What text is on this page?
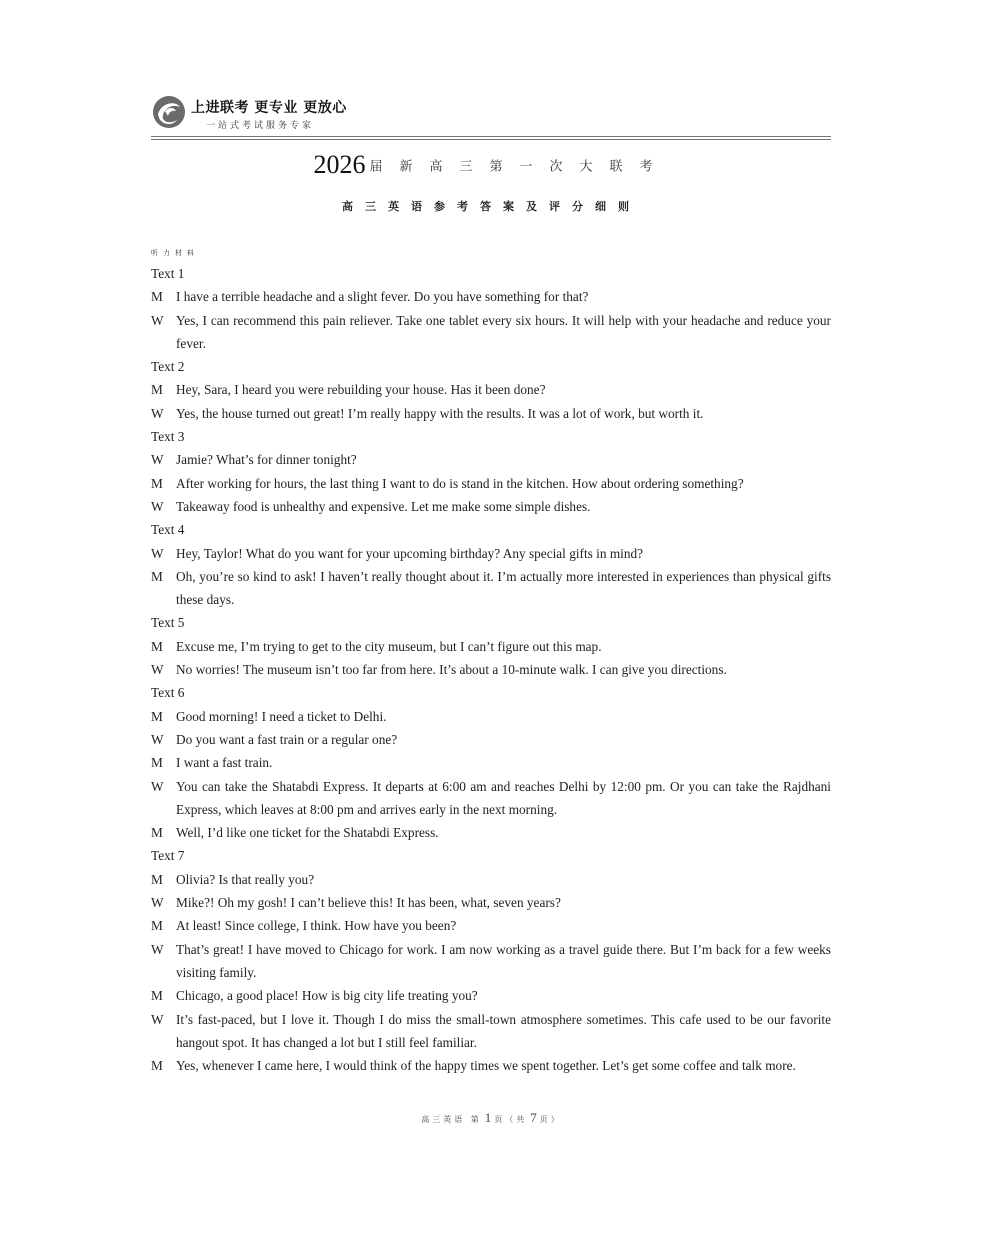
上进联考 更专业 更放心
一站式考试服务专家
2026 届新高三第一次大联考
高三英语参考答案及评分细则
听力材料

Text 1

M I have a terrible headache and a slight fever. Do you have something for that?

W Yes, I can recommend this pain reliever. Take one tablet every six hours. It will help with your headache and reduce your fever.

Text 2

M Hey, Sara, I heard you were rebuilding your house. Has it been done?

W Yes, the house turned out great! I’m really happy with the results. It was a lot of work, but worth it.

Text 3

W Jamie? What’s for dinner tonight?

M After working for hours, the last thing I want to do is stand in the kitchen. How about ordering something?

W Takeaway food is unhealthy and expensive. Let me make some simple dishes.

Text 4

W Hey, Taylor! What do you want for your upcoming birthday? Any special gifts in mind?

M Oh, you’re so kind to ask! I haven’t really thought about it. I’m actually more interested in experiences than physical gifts these days.

Text 5

M Excuse me, I’m trying to get to the city museum, but I can’t figure out this map.

W No worries! The museum isn’t too far from here. It’s about a 10-minute walk. I can give you directions.

Text 6

M Good morning! I need a ticket to Delhi.

W Do you want a fast train or a regular one?

M I want a fast train.

W You can take the Shatabdi Express. It departs at 6:00 am and reaches Delhi by 12:00 pm. Or you can take the Rajdhani Express, which leaves at 8:00 pm and arrives early in the next morning.

M Well, I’d like one ticket for the Shatabdi Express.

Text 7

M Olivia? Is that really you?

W Mike?! Oh my gosh! I can’t believe this! It has been, what, seven years?

M At least! Since college, I think. How have you been?

W That’s great! I have moved to Chicago for work. I am now working as a travel guide there. But I’m back for a few weeks visiting family.

M Chicago, a good place! How is big city life treating you?

W It’s fast-paced, but I love it. Though I do miss the small-town atmosphere sometimes. This cafe used to be our favorite hangout spot. It has changed a lot but I still feel familiar.

M Yes, whenever I came here, I would think of the happy times we spent together. Let’s get some coffee and talk more.

高三英语 第 1 页（共 7 页）
